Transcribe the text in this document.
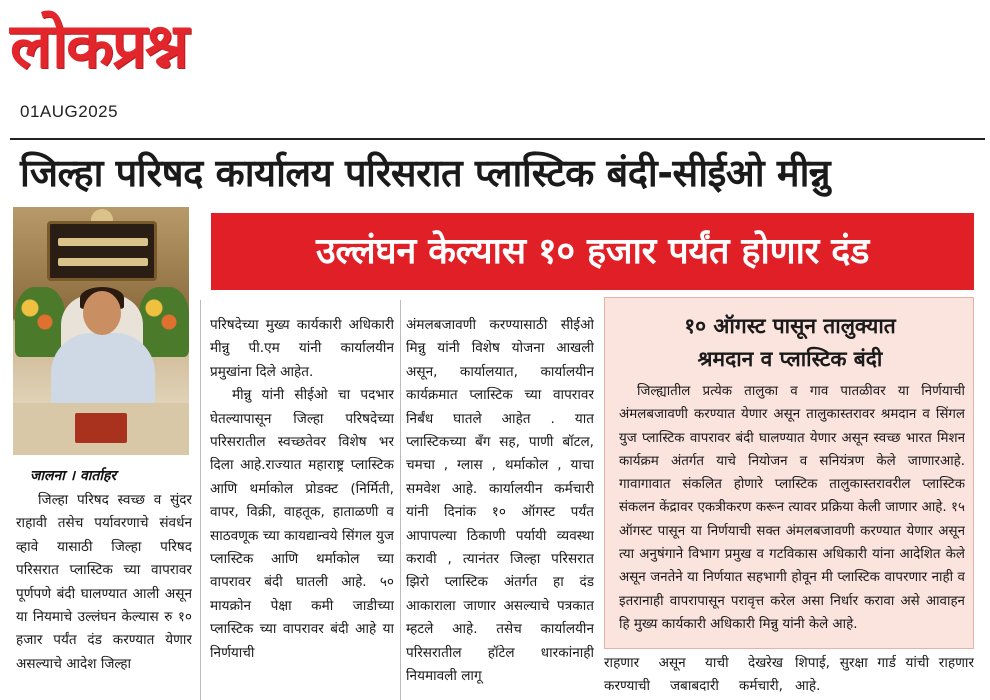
लोकप्रश्न
01AUG2025
जिल्हा परिषद कार्यालय परिसरात प्लास्टिक बंदी-सीईओ मीन्नु
जालना । वार्ताहर
उल्लंघन केल्यास १० हजार पर्यंत होणार दंड

जिल्हा परिषद स्वच्छ व सुंदर राहावी तसेच पर्यावरणाचे संवर्धन व्हावे यासाठी जिल्हा परिषद परिसरात प्लास्टिक च्या वापरावर पूर्णपणे बंदी घालण्यात आली असून या नियमाचे उल्लंघन केल्यास रु १० हजार पर्यंत दंड करण्यात येणार असल्याचे आदेश जिल्हा

परिषदेच्या मुख्य कार्यकारी अधिकारी मीन्नु पी.एम यांनी कार्यालयीन प्रमुखांना दिले आहेत.

मीन्नु यांनी सीईओ चा पदभार घेतल्यापासून जिल्हा परिषदेच्या परिसरातील स्वच्छतेवर विशेष भर दिला आहे.राज्यात महाराष्ट्र प्लास्टिक आणि थर्माकोल प्रोडक्ट (निर्मिती, वापर, विक्री, वाहतूक, हाताळणी व साठवणूक च्या कायद्यान्वये सिंगल युज प्लास्टिक आणि थर्माकोल च्या वापरावर बंदी घातली आहे. ५० मायक्रोन पेक्षा कमी जाडीच्या प्लास्टिक च्या वापरावर बंदी आहे या निर्णयाची

अंमलबजावणी करण्यासाठी सीईओ मिन्नु यांनी विशेष योजना आखली असून, कार्यालयात, कार्यालयीन कार्यक्रमात प्लास्टिक च्या वापरावर निर्बंध घातले आहेत . यात प्लास्टिकच्या बँग सह, पाणी बॉटल, चमचा , ग्लास , थर्माकोल , याचा समवेश आहे. कार्यालयीन कर्मचारी यांनी दिनांक १० ऑगस्ट पर्यंत आपापल्या ठिकाणी पर्यायी व्यवस्था करावी , त्यानंतर जिल्हा परिसरात झिरो प्लास्टिक अंतर्गत हा दंड आकाराला जाणार असल्याचे पत्रकात म्हटले आहे. तसेच कार्यालयीन परिसरातील हॉटेल धारकांनाही नियमावली लागू

१० ऑगस्ट पासून तालुक्यात
श्रमदान व प्लास्टिक बंदी

जिल्ह्यातील प्रत्येक तालुका व गाव पातळीवर या निर्णयाची अंमलबजावणी करण्यात येणार असून तालुकास्तरावर श्रमदान व सिंगल युज प्लास्टिक वापरावर बंदी घालण्यात येणार असून स्वच्छ भारत मिशन कार्यक्रम अंतर्गत याचे नियोजन व सनियंत्रण केले जाणारआहे. गावागावात संकलित होणारे प्लास्टिक तालुकास्तरावरील प्लास्टिक संकलन केंद्रावर एकत्रीकरण करून त्यावर प्रक्रिया केली जाणार आहे. १५ ऑगस्ट पासून या निर्णयाची सक्त अंमलबजावणी करण्यात येणार असून त्या अनुषंगाने विभाग प्रमुख व गटविकास अधिकारी यांना आदेशित केले असून जनतेने या निर्णयात सहभागी होवून मी प्लास्टिक वापरणार नाही व इतरानाही वापरापासून परावृत्त करेल असा निर्धार करावा असे आवाहन हि मुख्य कार्यकारी अधिकारी मिन्नु यांनी केले आहे.

राहणार असून याची देखरेख करण्याची जबाबदारी कर्मचारी, शिपाई, सुरक्षा गार्ड यांची राहणार आहे.
